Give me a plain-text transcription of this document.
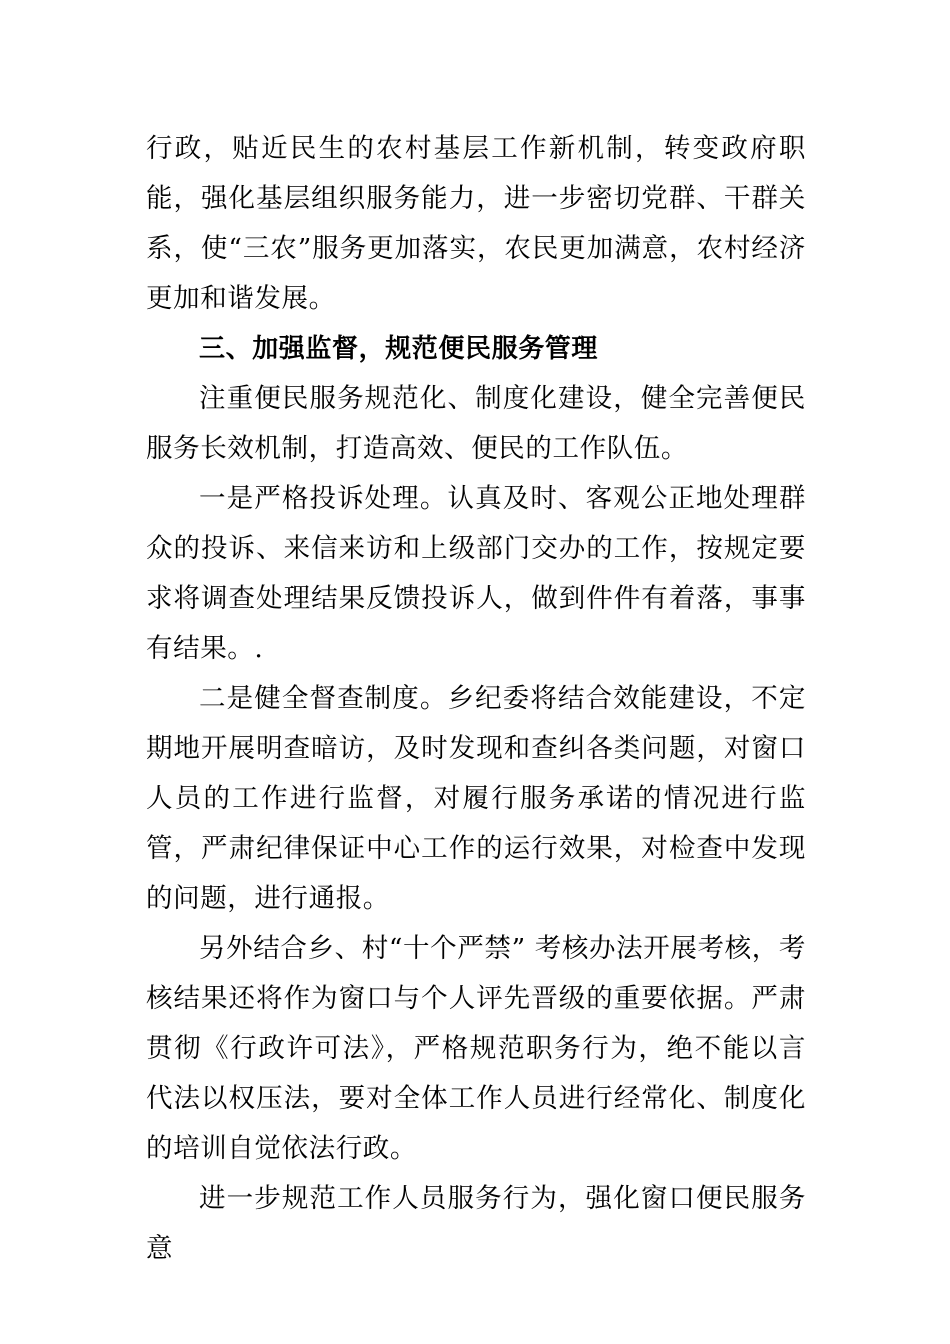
行政，贴近民生的农村基层工作新机制，转变政府职能，强化基层组织服务能力，进一步密切党群、干群关系，使“三农”服务更加落实，农民更加满意，农村经济更加和谐发展。

三、加强监督，规范便民服务管理

注重便民服务规范化、制度化建设，健全完善便民服务长效机制，打造高效、便民的工作队伍。

一是严格投诉处理。认真及时、客观公正地处理群众的投诉、来信来访和上级部门交办的工作，按规定要求将调查处理结果反馈投诉人，做到件件有着落，事事有结果。.

二是健全督查制度。乡纪委将结合效能建设，不定期地开展明查暗访，及时发现和查纠各类问题，对窗口人员的工作进行监督，对履行服务承诺的情况进行监管，严肃纪律保证中心工作的运行效果，对检查中发现的问题，进行通报。

另外结合乡、村“十个严禁” 考核办法开展考核，考核结果还将作为窗口与个人评先晋级的重要依据。严肃贯彻《行政许可法》，严格规范职务行为，绝不能以言代法以权压法，要对全体工作人员进行经常化、制度化的培训自觉依法行政。

进一步规范工作人员服务行为，强化窗口便民服务意
